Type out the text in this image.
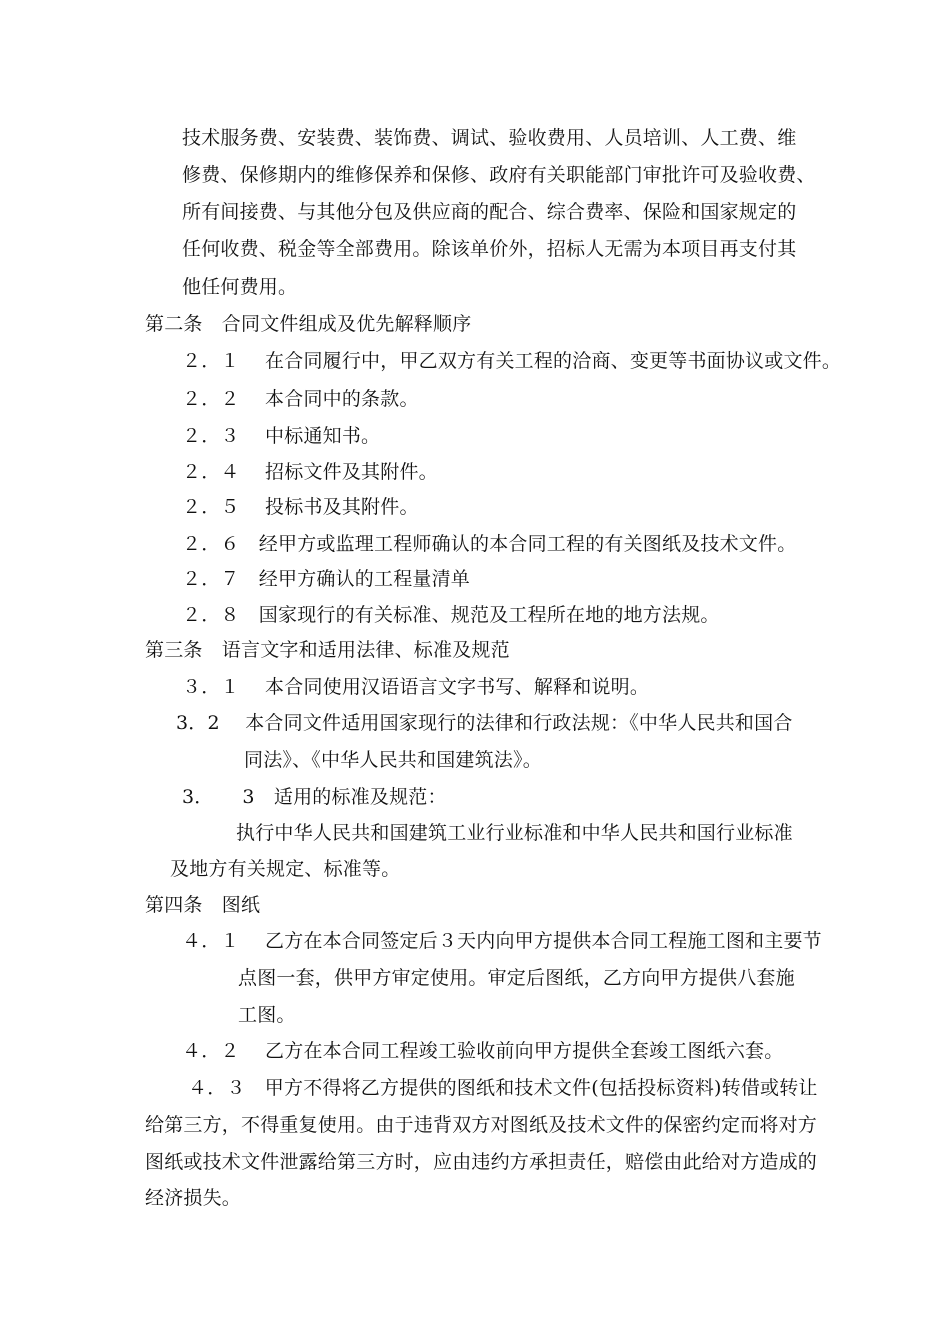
技术服务费、安装费、装饰费、调试、验收费用、人员培训、人工费、维
修费、保修期内的维修保养和保修、政府有关职能部门审批许可及验收费、
所有间接费、与其他分包及供应商的配合、综合费率、保险和国家规定的
任何收费、税金等全部费用。除该单价外，招标人无需为本项目再支付其
他任何费用。
第二条　合同文件组成及优先解释顺序
２．１　 在合同履行中，甲乙双方有关工程的洽商、变更等书面协议或文件。
２．２　 本合同中的条款。
２．３　 中标通知书。
２．４　 招标文件及其附件。
２．５　 投标书及其附件。
２．６　经甲方或监理工程师确认的本合同工程的有关图纸及技术文件。
２．７　经甲方确认的工程量清单
２．８　国家现行的有关标准、规范及工程所在地的地方法规。
第三条　语言文字和适用法律、标准及规范
３．１　 本合同使用汉语语言文字书写、解释和说明。
3．2　 本合同文件适用国家现行的法律和行政法规：《中华人民共和国合
同法》、《中华人民共和国建筑法》。
3．　　3　适用的标准及规范：
执行中华人民共和国建筑工业行业标准和中华人民共和国行业标准
及地方有关规定、标准等。
第四条　图纸
４．１　 乙方在本合同签定后３天内向甲方提供本合同工程施工图和主要节
点图一套，供甲方审定使用。审定后图纸，乙方向甲方提供八套施
工图。
４．２　 乙方在本合同工程竣工验收前向甲方提供全套竣工图纸六套。
４．３　甲方不得将乙方提供的图纸和技术文件(包括投标资料)转借或转让
给第三方，不得重复使用。由于违背双方对图纸及技术文件的保密约定而将对方
图纸或技术文件泄露给第三方时，应由违约方承担责任，赔偿由此给对方造成的
经济损失。
